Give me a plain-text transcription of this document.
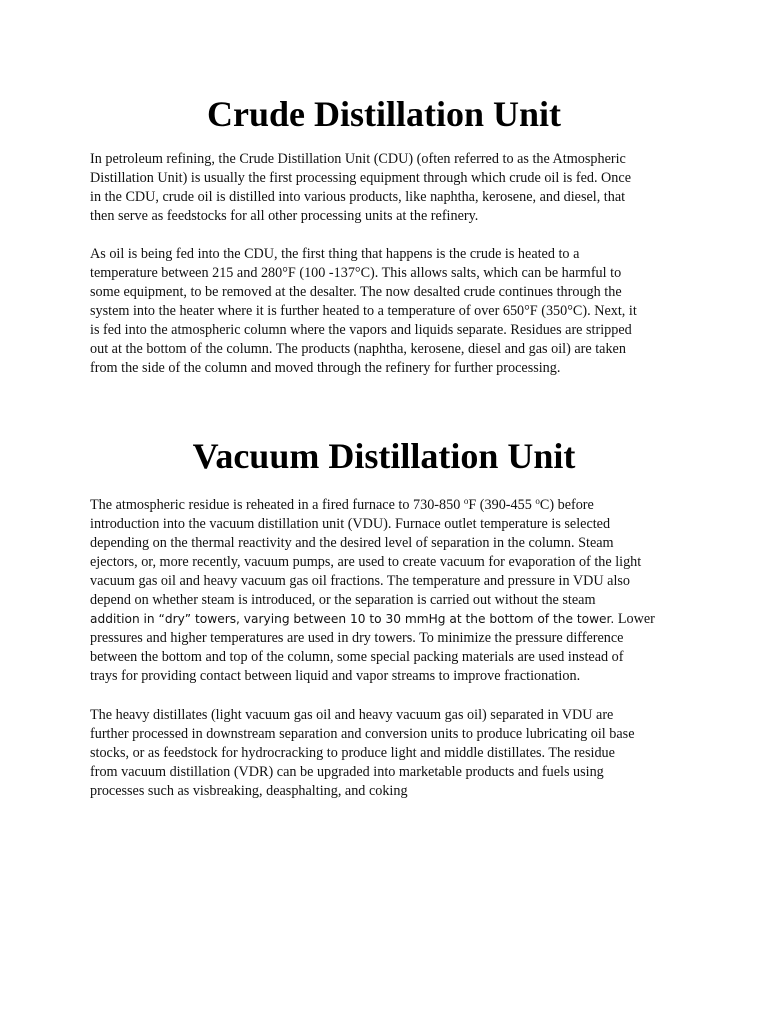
Crude Distillation Unit

In petroleum refining, the Crude Distillation Unit (CDU) (often referred to as the Atmospheric
Distillation Unit) is usually the first processing equipment through which crude oil is fed. Once
in the CDU, crude oil is distilled into various products, like naphtha, kerosene, and diesel, that
then serve as feedstocks for all other processing units at the refinery.

As oil is being fed into the CDU, the first thing that happens is the crude is heated to a
temperature between 215 and 280°F (100 -137°C). This allows salts, which can be harmful to
some equipment, to be removed at the desalter. The now desalted crude continues through the
system into the heater where it is further heated to a temperature of over 650°F (350°C). Next, it
is fed into the atmospheric column where the vapors and liquids separate. Residues are stripped
out at the bottom of the column. The products (naphtha, kerosene, diesel and gas oil) are taken
from the side of the column and moved through the refinery for further processing.

Vacuum Distillation Unit

The atmospheric residue is reheated in a fired furnace to 730-850 $^o$F (390-455 $^o$C) before
introduction into the vacuum distillation unit (VDU). Furnace outlet temperature is selected
depending on the thermal reactivity and the desired level of separation in the column. Steam
ejectors, or, more recently, vacuum pumps, are used to create vacuum for evaporation of the light
vacuum gas oil and heavy vacuum gas oil fractions. The temperature and pressure in VDU also
depend on whether steam is introduced, or the separation is carried out without the steam
addition in “dry” towers, varying between 10 to 30 mmHg at the bottom of the tower. Lower
pressures and higher temperatures are used in dry towers. To minimize the pressure difference
between the bottom and top of the column, some special packing materials are used instead of
trays for providing contact between liquid and vapor streams to improve fractionation.

The heavy distillates (light vacuum gas oil and heavy vacuum gas oil) separated in VDU are
further processed in downstream separation and conversion units to produce lubricating oil base
stocks, or as feedstock for hydrocracking to produce light and middle distillates. The residue
from vacuum distillation (VDR) can be upgraded into marketable products and fuels using
processes such as visbreaking, deasphalting, and coking
